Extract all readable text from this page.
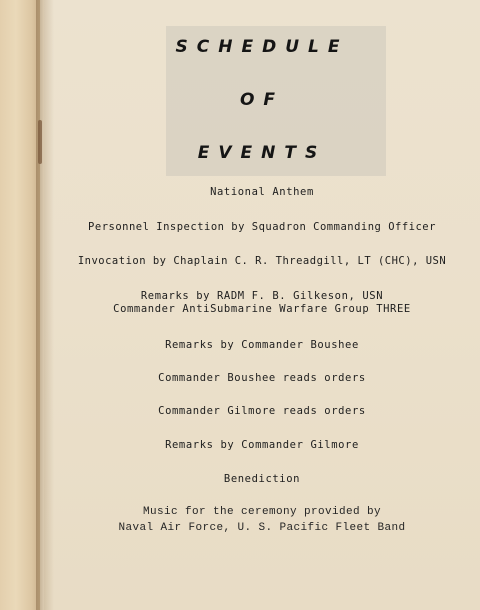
SCHEDULE
OF
EVENTS
National Anthem
Personnel Inspection by Squadron Commanding Officer
Invocation by Chaplain C. R. Threadgill, LT (CHC), USN
Remarks by RADM F. B. Gilkeson, USN
Commander AntiSubmarine Warfare Group THREE
Remarks by Commander Boushee
Commander Boushee reads orders
Commander Gilmore reads orders
Remarks by Commander Gilmore
Benediction
Music for the ceremony provided by
Naval Air Force, U. S. Pacific Fleet Band
